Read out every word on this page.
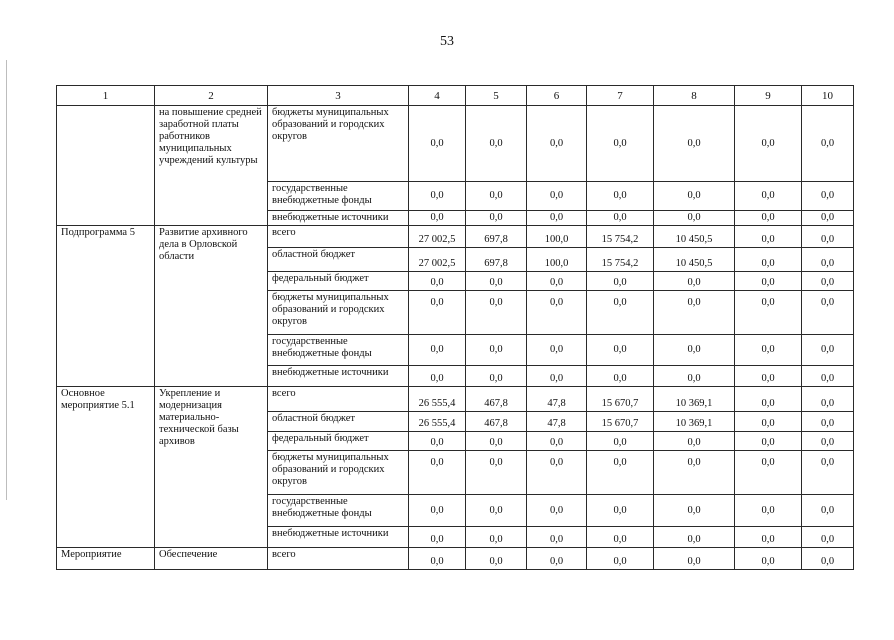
53
1	2	3	4	5	6	7	8	9	10
	на повышение средней заработной платы работников муниципальных учреждений культуры	бюджеты муниципальных образований и городских округов	0,0	0,0	0,0	0,0	0,0	0,0	0,0
		государственные внебюджетные фонды	0,0	0,0	0,0	0,0	0,0	0,0	0,0
		внебюджетные источники	0,0	0,0	0,0	0,0	0,0	0,0	0,0
Подпрограмма 5	Развитие архивного дела в Орловской области	всего	27 002,5	697,8	100,0	15 754,2	10 450,5	0,0	0,0
		областной бюджет	27 002,5	697,8	100,0	15 754,2	10 450,5	0,0	0,0
		федеральный бюджет	0,0	0,0	0,0	0,0	0,0	0,0	0,0
		бюджеты муниципальных образований и городских округов	0,0	0,0	0,0	0,0	0,0	0,0	0,0
		государственные внебюджетные фонды	0,0	0,0	0,0	0,0	0,0	0,0	0,0
		внебюджетные источники	0,0	0,0	0,0	0,0	0,0	0,0	0,0
Основное мероприятие 5.1	Укрепление и модернизация материально-технической базы архивов	всего	26 555,4	467,8	47,8	15 670,7	10 369,1	0,0	0,0
		областной бюджет	26 555,4	467,8	47,8	15 670,7	10 369,1	0,0	0,0
		федеральный бюджет	0,0	0,0	0,0	0,0	0,0	0,0	0,0
		бюджеты муниципальных образований и городских округов	0,0	0,0	0,0	0,0	0,0	0,0	0,0
		государственные внебюджетные фонды	0,0	0,0	0,0	0,0	0,0	0,0	0,0
		внебюджетные источники	0,0	0,0	0,0	0,0	0,0	0,0	0,0
Мероприятие	Обеспечение	всего	0,0	0,0	0,0	0,0	0,0	0,0	0,0
